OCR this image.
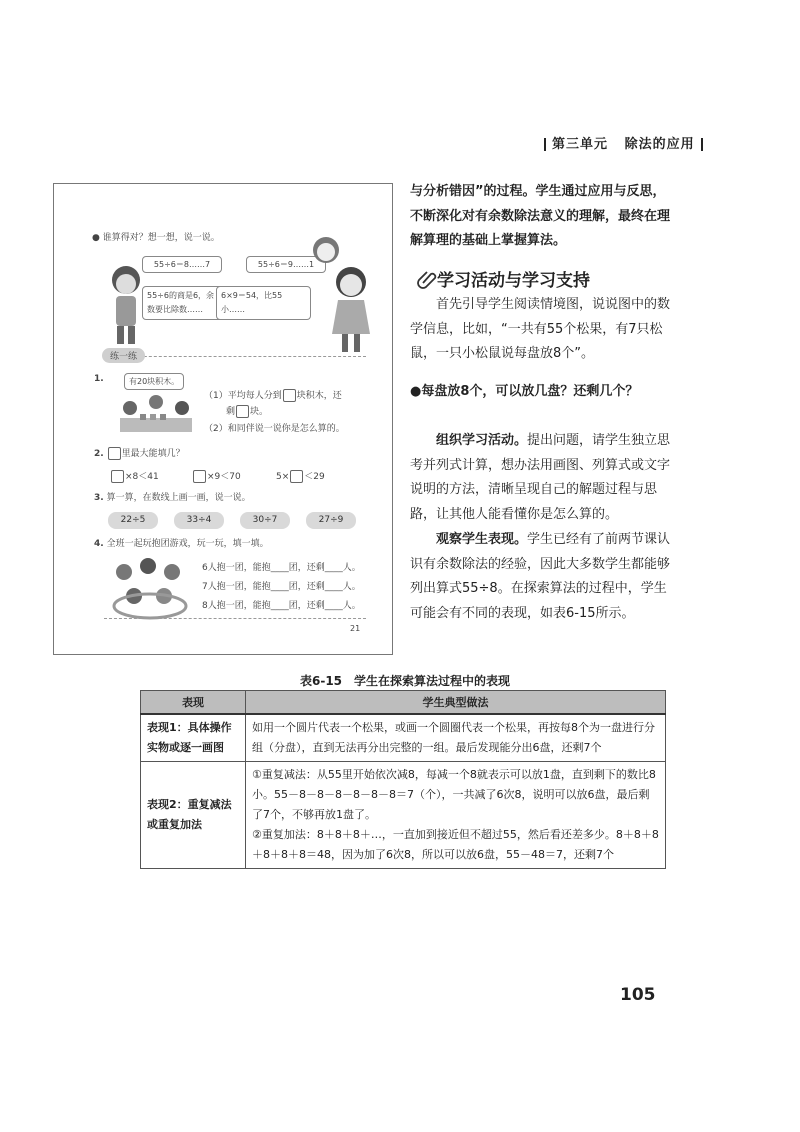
第三单元 除法的应用
● 谁算得对？想一想，说一说。
55÷6＝8……7	55÷6＝9……1
55÷6的商是6，余数要比除数……
6×9＝54，比55小……
练一练
1.	有20块积木。
（1）平均每人分到 块积木，还
剩 块。
（2）和同伴说一说你是怎么算的。
2. 里最大能填几？
×8＜41	×9＜70	5× ＜29
3. 算一算，在数线上画一画，说一说。
22÷5	33÷4	30÷7	27÷9
4. 全班一起玩抱团游戏，玩一玩，填一填。
6人抱一团，能抱____团，还剩____人。
7人抱一团，能抱____团，还剩____人。
8人抱一团，能抱____团，还剩____人。
21

与分析错因”的过程。学生通过应用与反思，不断深化对有余数除法意义的理解，最终在理解算理的基础上掌握算法。

学习活动与学习支持

首先引导学生阅读情境图，说说图中的数学信息，比如，“一共有55个松果，有7只松鼠，一只小松鼠说每盘放8个”。

●每盘放8个，可以放几盘？还剩几个？

组织学习活动。提出问题，请学生独立思考并列式计算，想办法用画图、列算式或文字说明的方法，清晰呈现自己的解题过程与思路，让其他人能看懂你是怎么算的。

观察学生表现。学生已经有了前两节课认识有余数除法的经验，因此大多数学生都能够列出算式55÷8。在探索算法的过程中，学生可能会有不同的表现，如表6-15所示。

表6-15　学生在探索算法过程中的表现
表现	学生典型做法
表现1：具体操作实物或逐一画图	如用一个圆片代表一个松果，或画一个圆圈代表一个松果，再按每8个为一盘进行分组（分盘），直到无法再分出完整的一组。最后发现能分出6盘，还剩7个
表现2：重复减法或重复加法	①重复减法：从55里开始依次减8，每减一个8就表示可以放1盘，直到剩下的数比8小。55－8－8－8－8－8－8＝7（个），一共减了6次8，说明可以放6盘，最后剩了7个，不够再放1盘了。
②重复加法：8＋8＋8＋…，一直加到接近但不超过55，然后看还差多少。8＋8＋8＋8＋8＋8＝48，因为加了6次8，所以可以放6盘，55－48＝7，还剩7个
105
